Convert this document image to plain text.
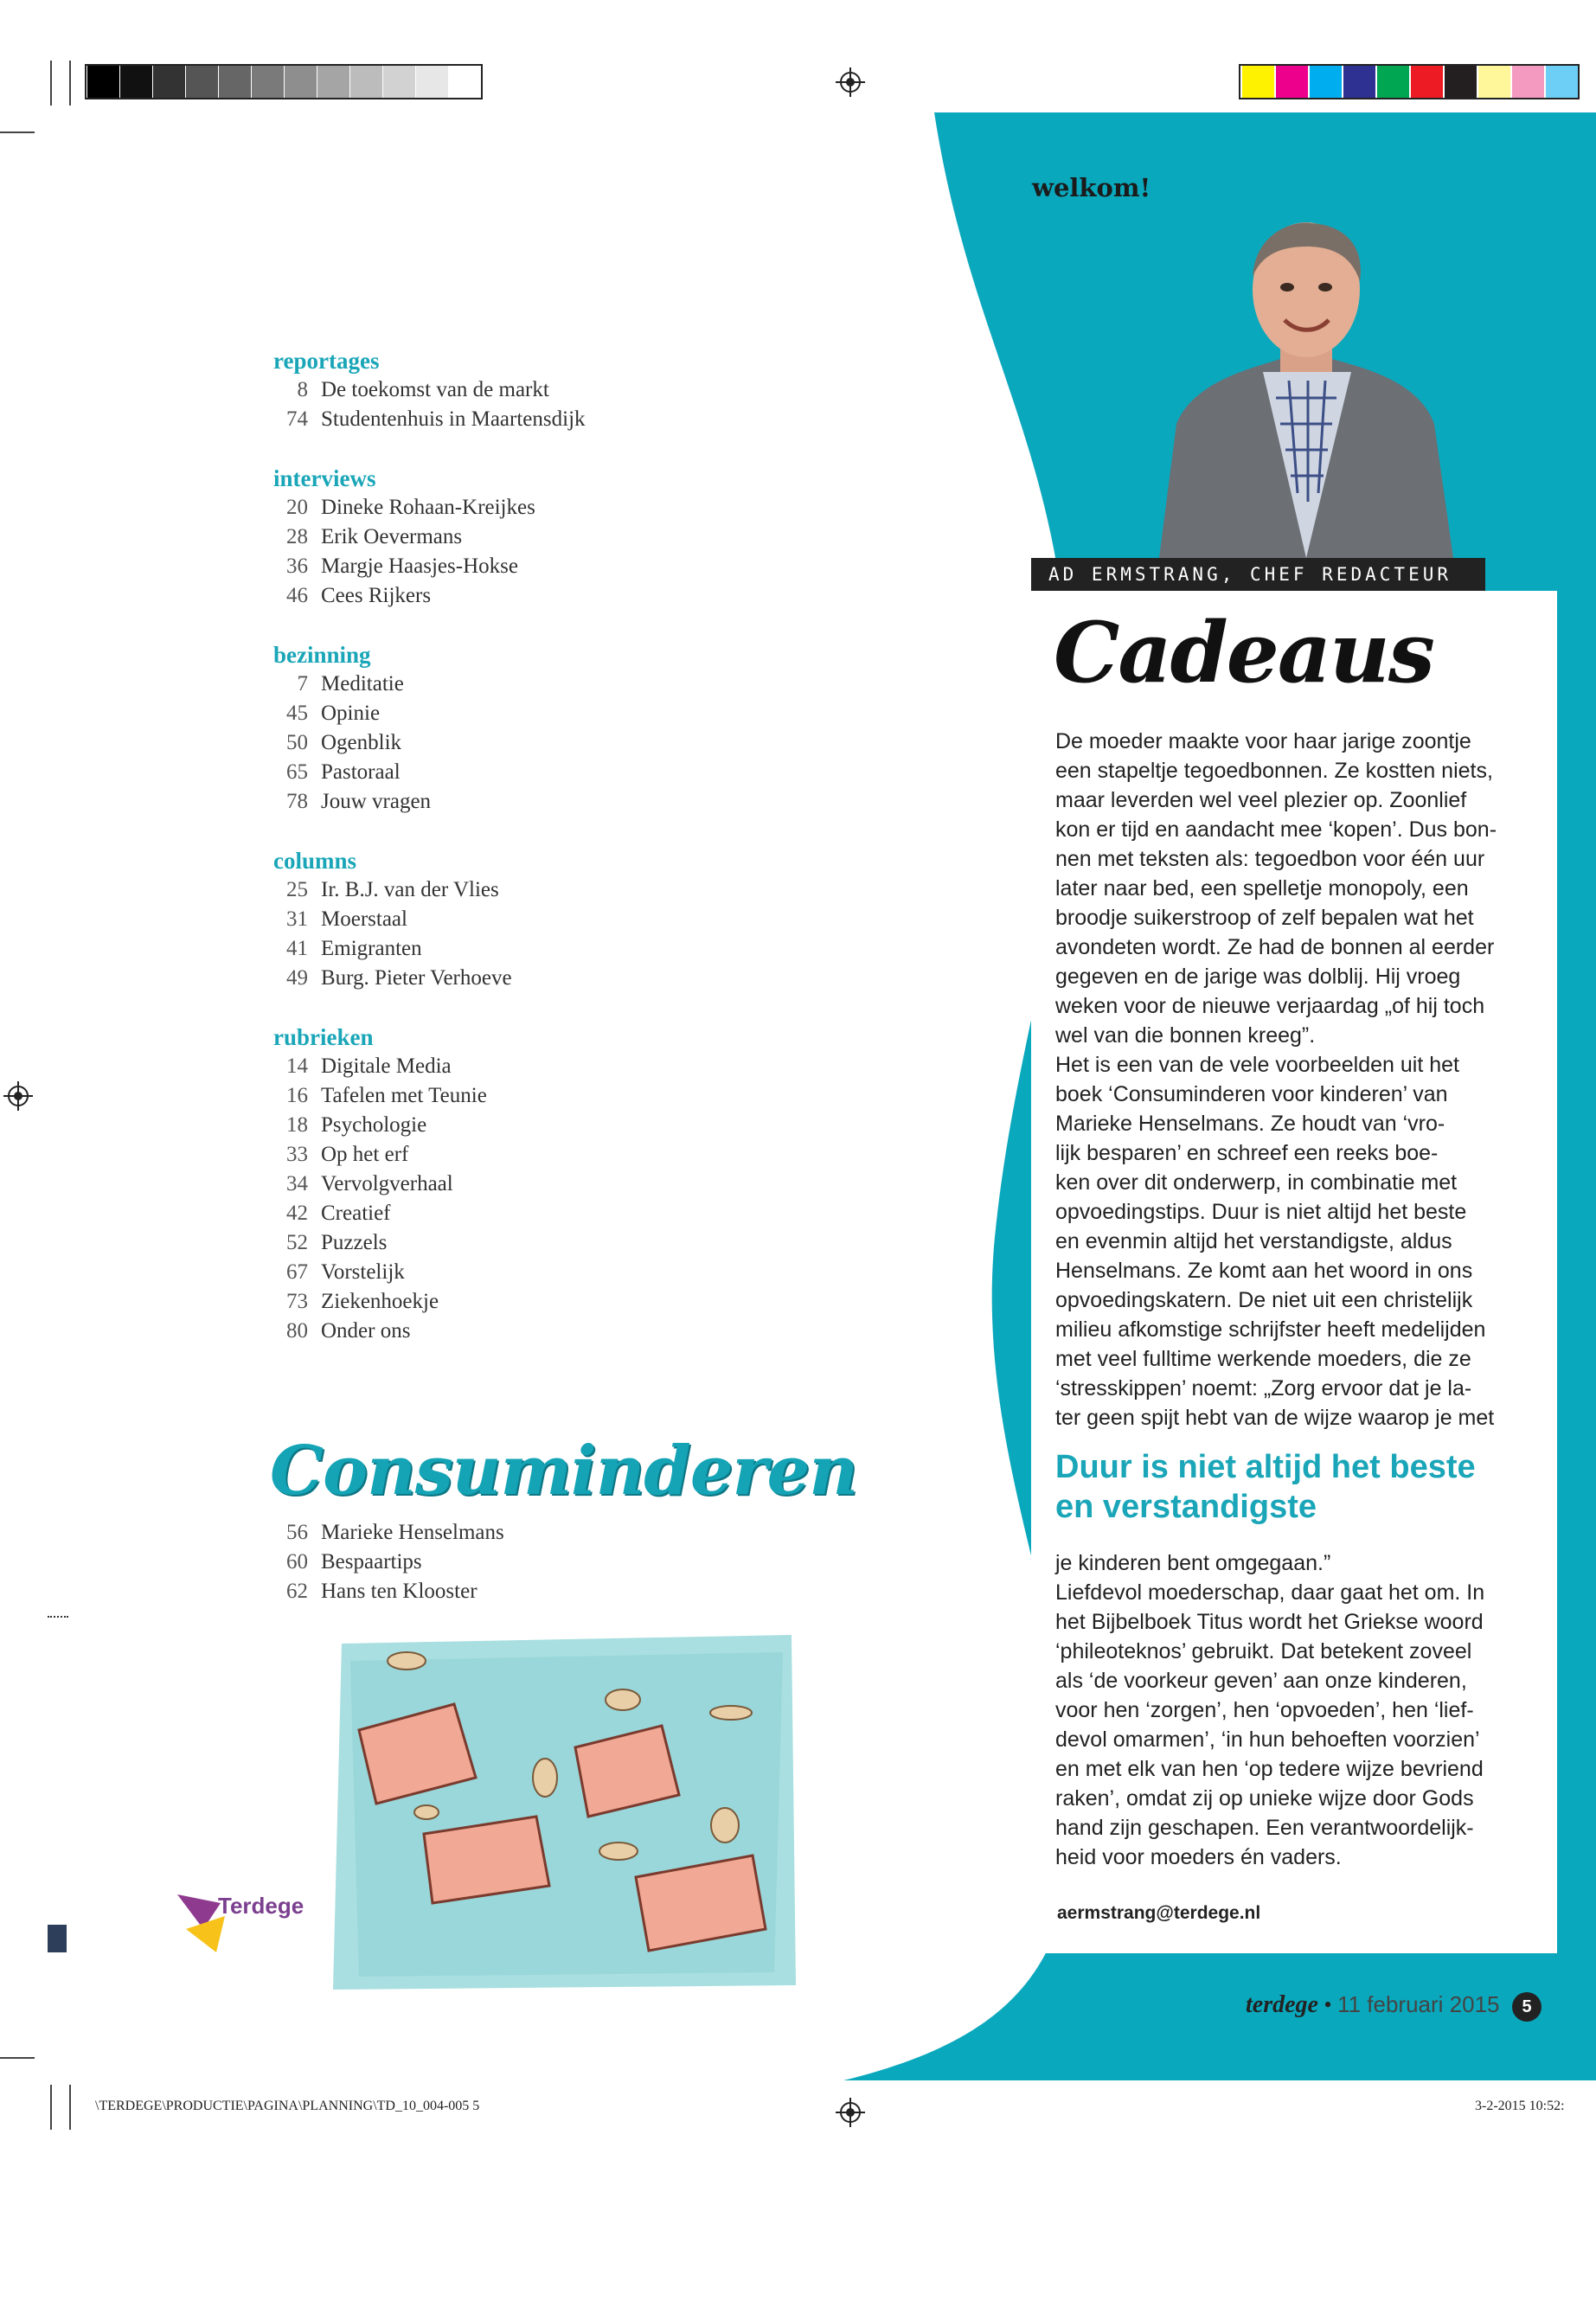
welkom!
AD ERMSTRANG, CHEF REDACTEUR
Cadeaus
De moeder maakte voor haar jarige zoontje
een stapeltje tegoedbonnen. Ze kostten niets,
maar leverden wel veel plezier op. Zoonlief
kon er tijd en aandacht mee ‘kopen’. Dus bon-
nen met teksten als: tegoedbon voor één uur
later naar bed, een spelletje monopoly, een
broodje suikerstroop of zelf bepalen wat het
avondeten wordt. Ze had de bonnen al eerder
gegeven en de jarige was dolblij. Hij vroeg
weken voor de nieuwe verjaardag „of hij toch
wel van die bonnen kreeg”.
Het is een van de vele voorbeelden uit het
boek ‘Consuminderen voor kinderen’ van
Marieke Henselmans. Ze houdt van ‘vro-
lijk besparen’ en schreef een reeks boe-
ken over dit onderwerp, in combinatie met
opvoedingstips. Duur is niet altijd het beste
en evenmin altijd het verstandigste, aldus
Henselmans. Ze komt aan het woord in ons
opvoedingskatern. De niet uit een christelijk
milieu afkomstige schrijfster heeft medelijden
met veel fulltime werkende moeders, die ze
‘stresskippen’ noemt: „Zorg ervoor dat je la-
ter geen spijt hebt van de wijze waarop je met
Duur is niet altijd het beste
en verstandigste
je kinderen bent omgegaan.”
Liefdevol moederschap, daar gaat het om. In
het Bijbelboek Titus wordt het Griekse woord
‘phileoteknos’ gebruikt. Dat betekent zoveel
als ‘de voorkeur geven’ aan onze kinderen,
voor hen ‘zorgen’, hen ‘opvoeden’, hen ‘lief-
devol omarmen’, ‘in hun behoeften voorzien’
en met elk van hen ‘op tedere wijze bevriend
raken’, omdat zij op unieke wijze door Gods
hand zijn geschapen. Een verantwoordelijk-
heid voor moeders én vaders.
aermstrang@terdege.nl
terdege • 11 februari 2015 5
reportages
8 De toekomst van de markt
74 Studentenhuis in Maartensdijk
interviews
20 Dineke Rohaan-Kreijkes
28 Erik Oevermans
36 Margje Haasjes-Hokse
46 Cees Rijkers
bezinning
7 Meditatie
45 Opinie
50 Ogenblik
65 Pastoraal
78 Jouw vragen
columns
25 Ir. B.J. van der Vlies
31 Moerstaal
41 Emigranten
49 Burg. Pieter Verhoeve
rubrieken
14 Digitale Media
16 Tafelen met Teunie
18 Psychologie
33 Op het erf
34 Vervolgverhaal
42 Creatief
52 Puzzels
67 Vorstelijk
73 Ziekenhoekje
80 Onder ons
Consuminderen
56 Marieke Henselmans
60 Bespaartips
62 Hans ten Klooster
Terdege
\TERDEGE\PRODUCTIE\PAGINA\PLANNING\TD_10_004-005 5	3-2-2015 10:52:
